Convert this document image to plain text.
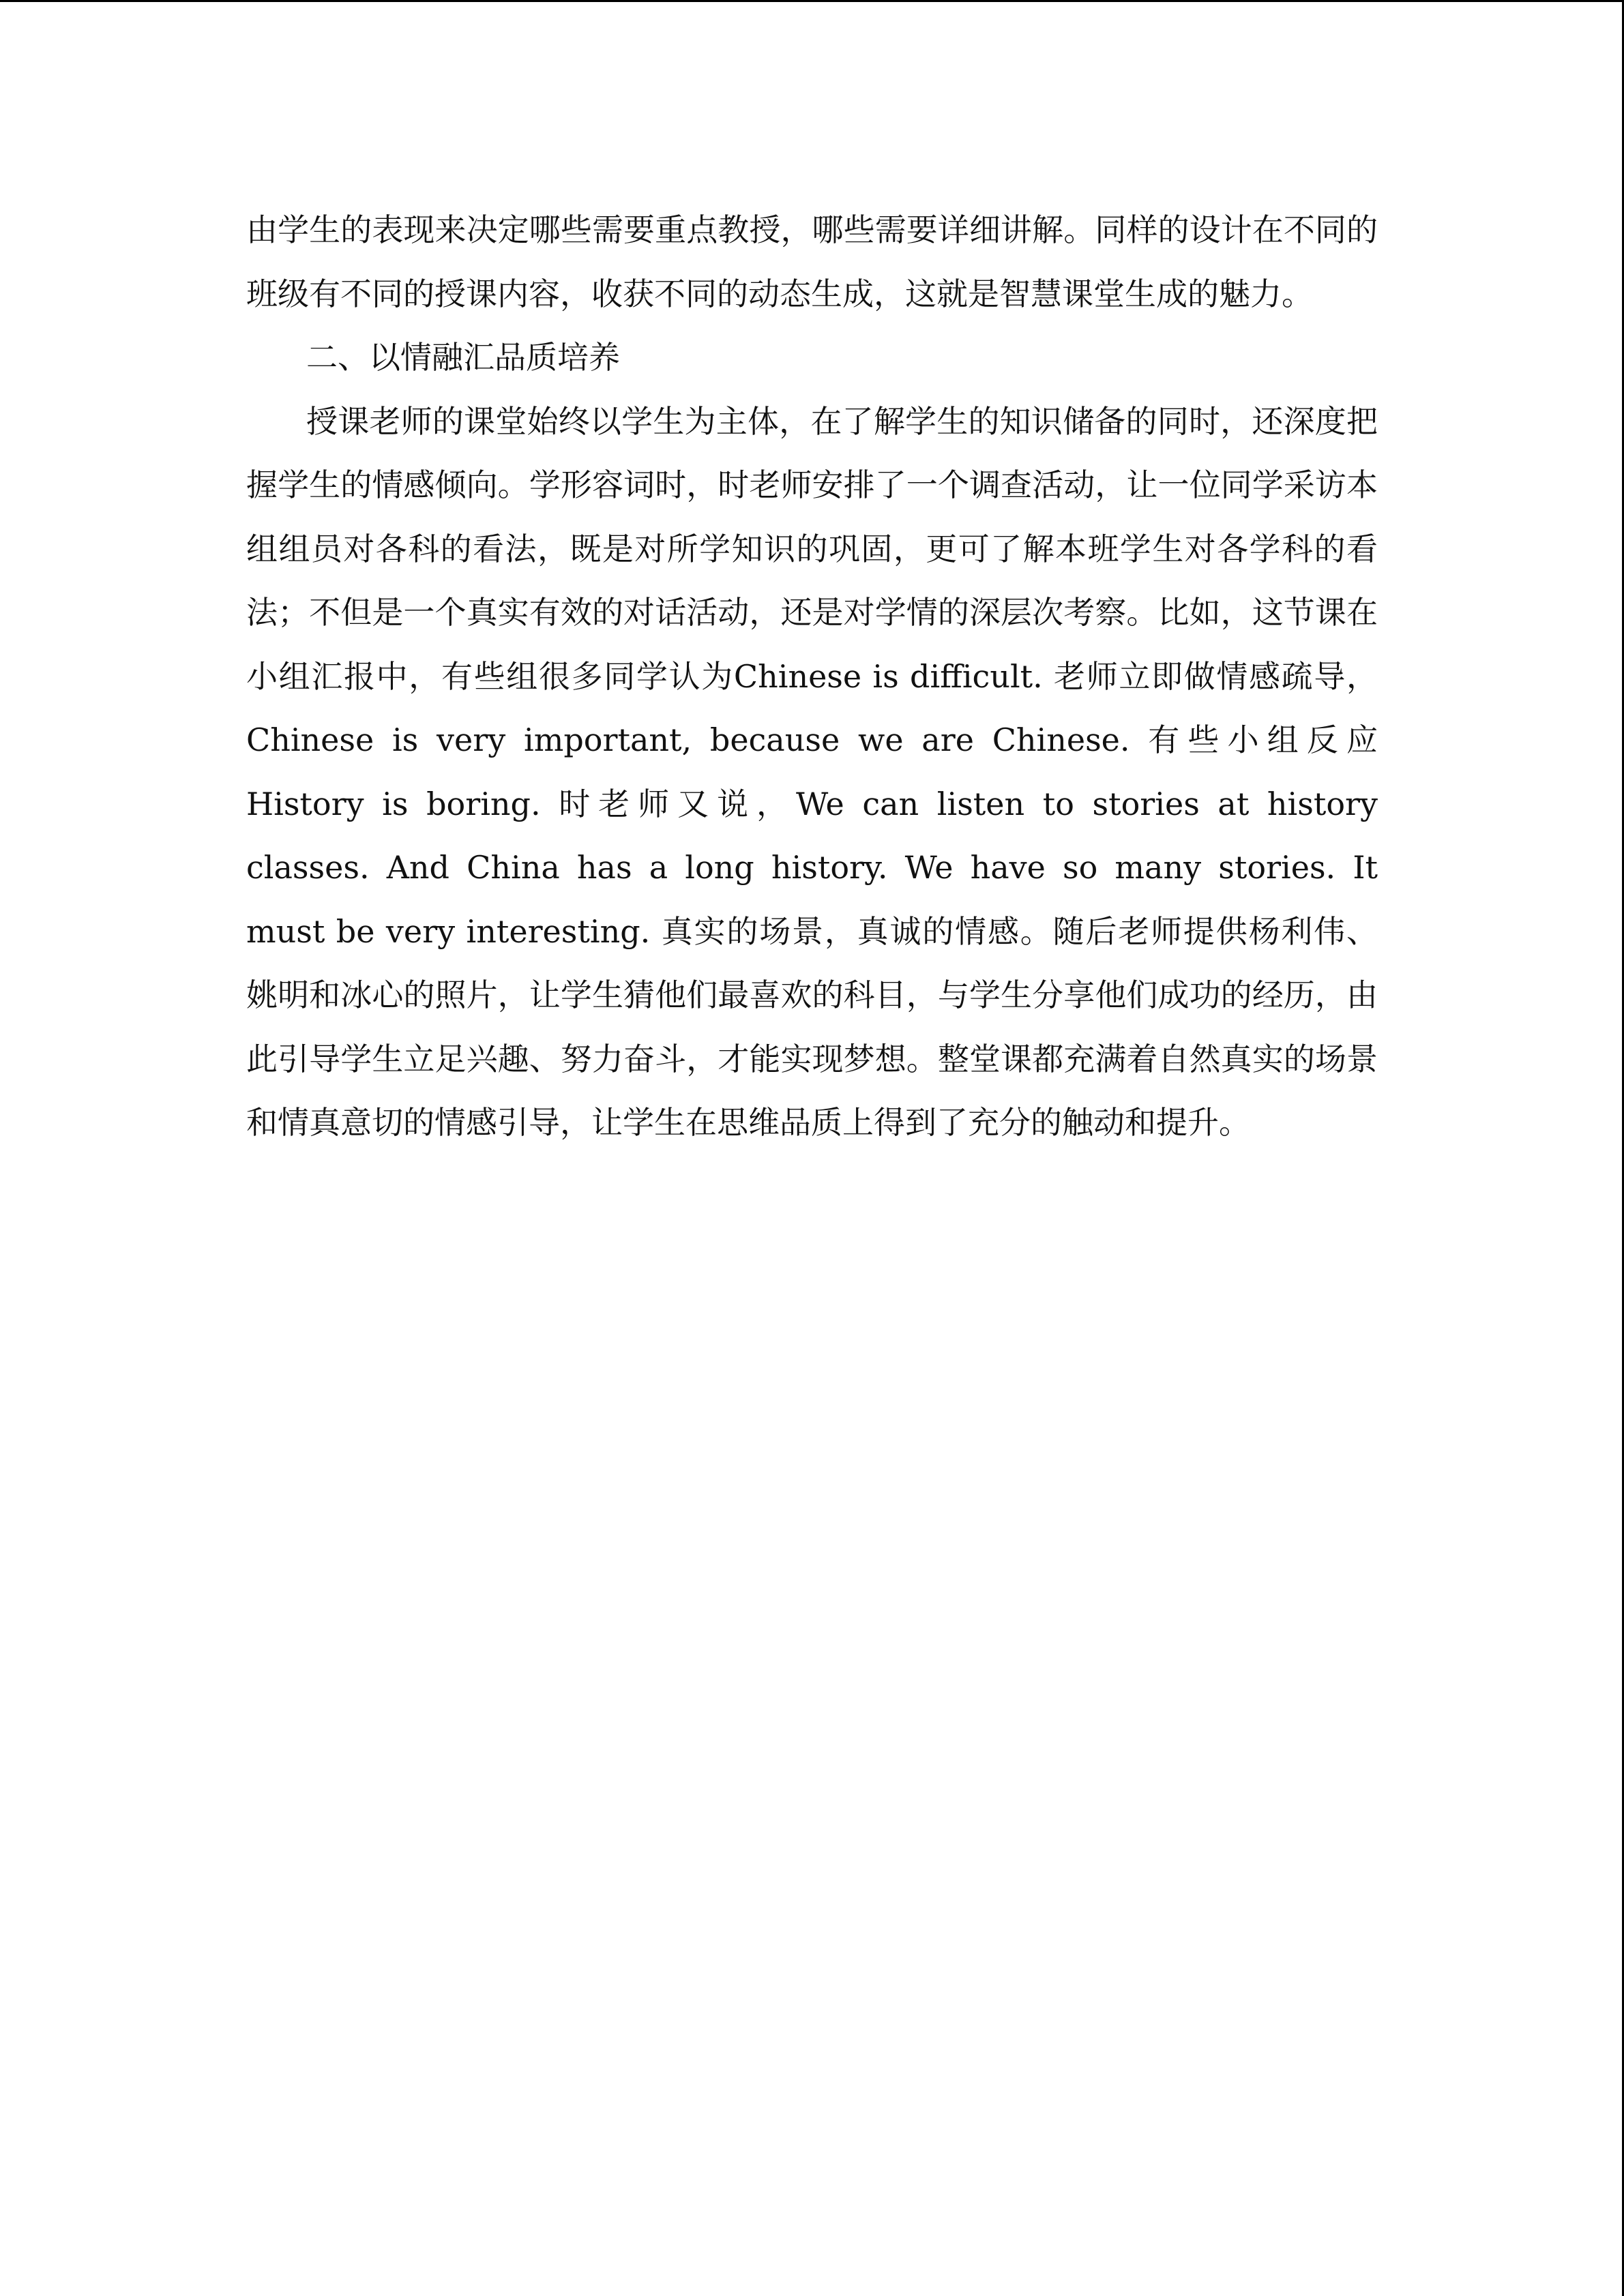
由学生的表现来决定哪些需要重点教授，哪些需要详细讲解。同样的设计在不同的班级有不同的授课内容，收获不同的动态生成，这就是智慧课堂生成的魅力。

二、以情融汇品质培养

授课老师的课堂始终以学生为主体，在了解学生的知识储备的同时，还深度把握学生的情感倾向。学形容词时，时老师安排了一个调查活动，让一位同学采访本组组员对各科的看法，既是对所学知识的巩固，更可了解本班学生对各学科的看法；不但是一个真实有效的对话活动，还是对学情的深层次考察。比如，这节课在小组汇报中，有些组很多同学认为Chinese is difficult. 老师立即做情感疏导，Chinese is very important, because we are Chinese. 有些小组反应History is boring. 时老师又说，We can listen to stories at history classes. And China has a long history. We have so many stories. It must be very interesting. 真实的场景，真诚的情感。随后老师提供杨利伟、姚明和冰心的照片，让学生猜他们最喜欢的科目，与学生分享他们成功的经历，由此引导学生立足兴趣、努力奋斗，才能实现梦想。整堂课都充满着自然真实的场景和情真意切的情感引导，让学生在思维品质上得到了充分的触动和提升。
